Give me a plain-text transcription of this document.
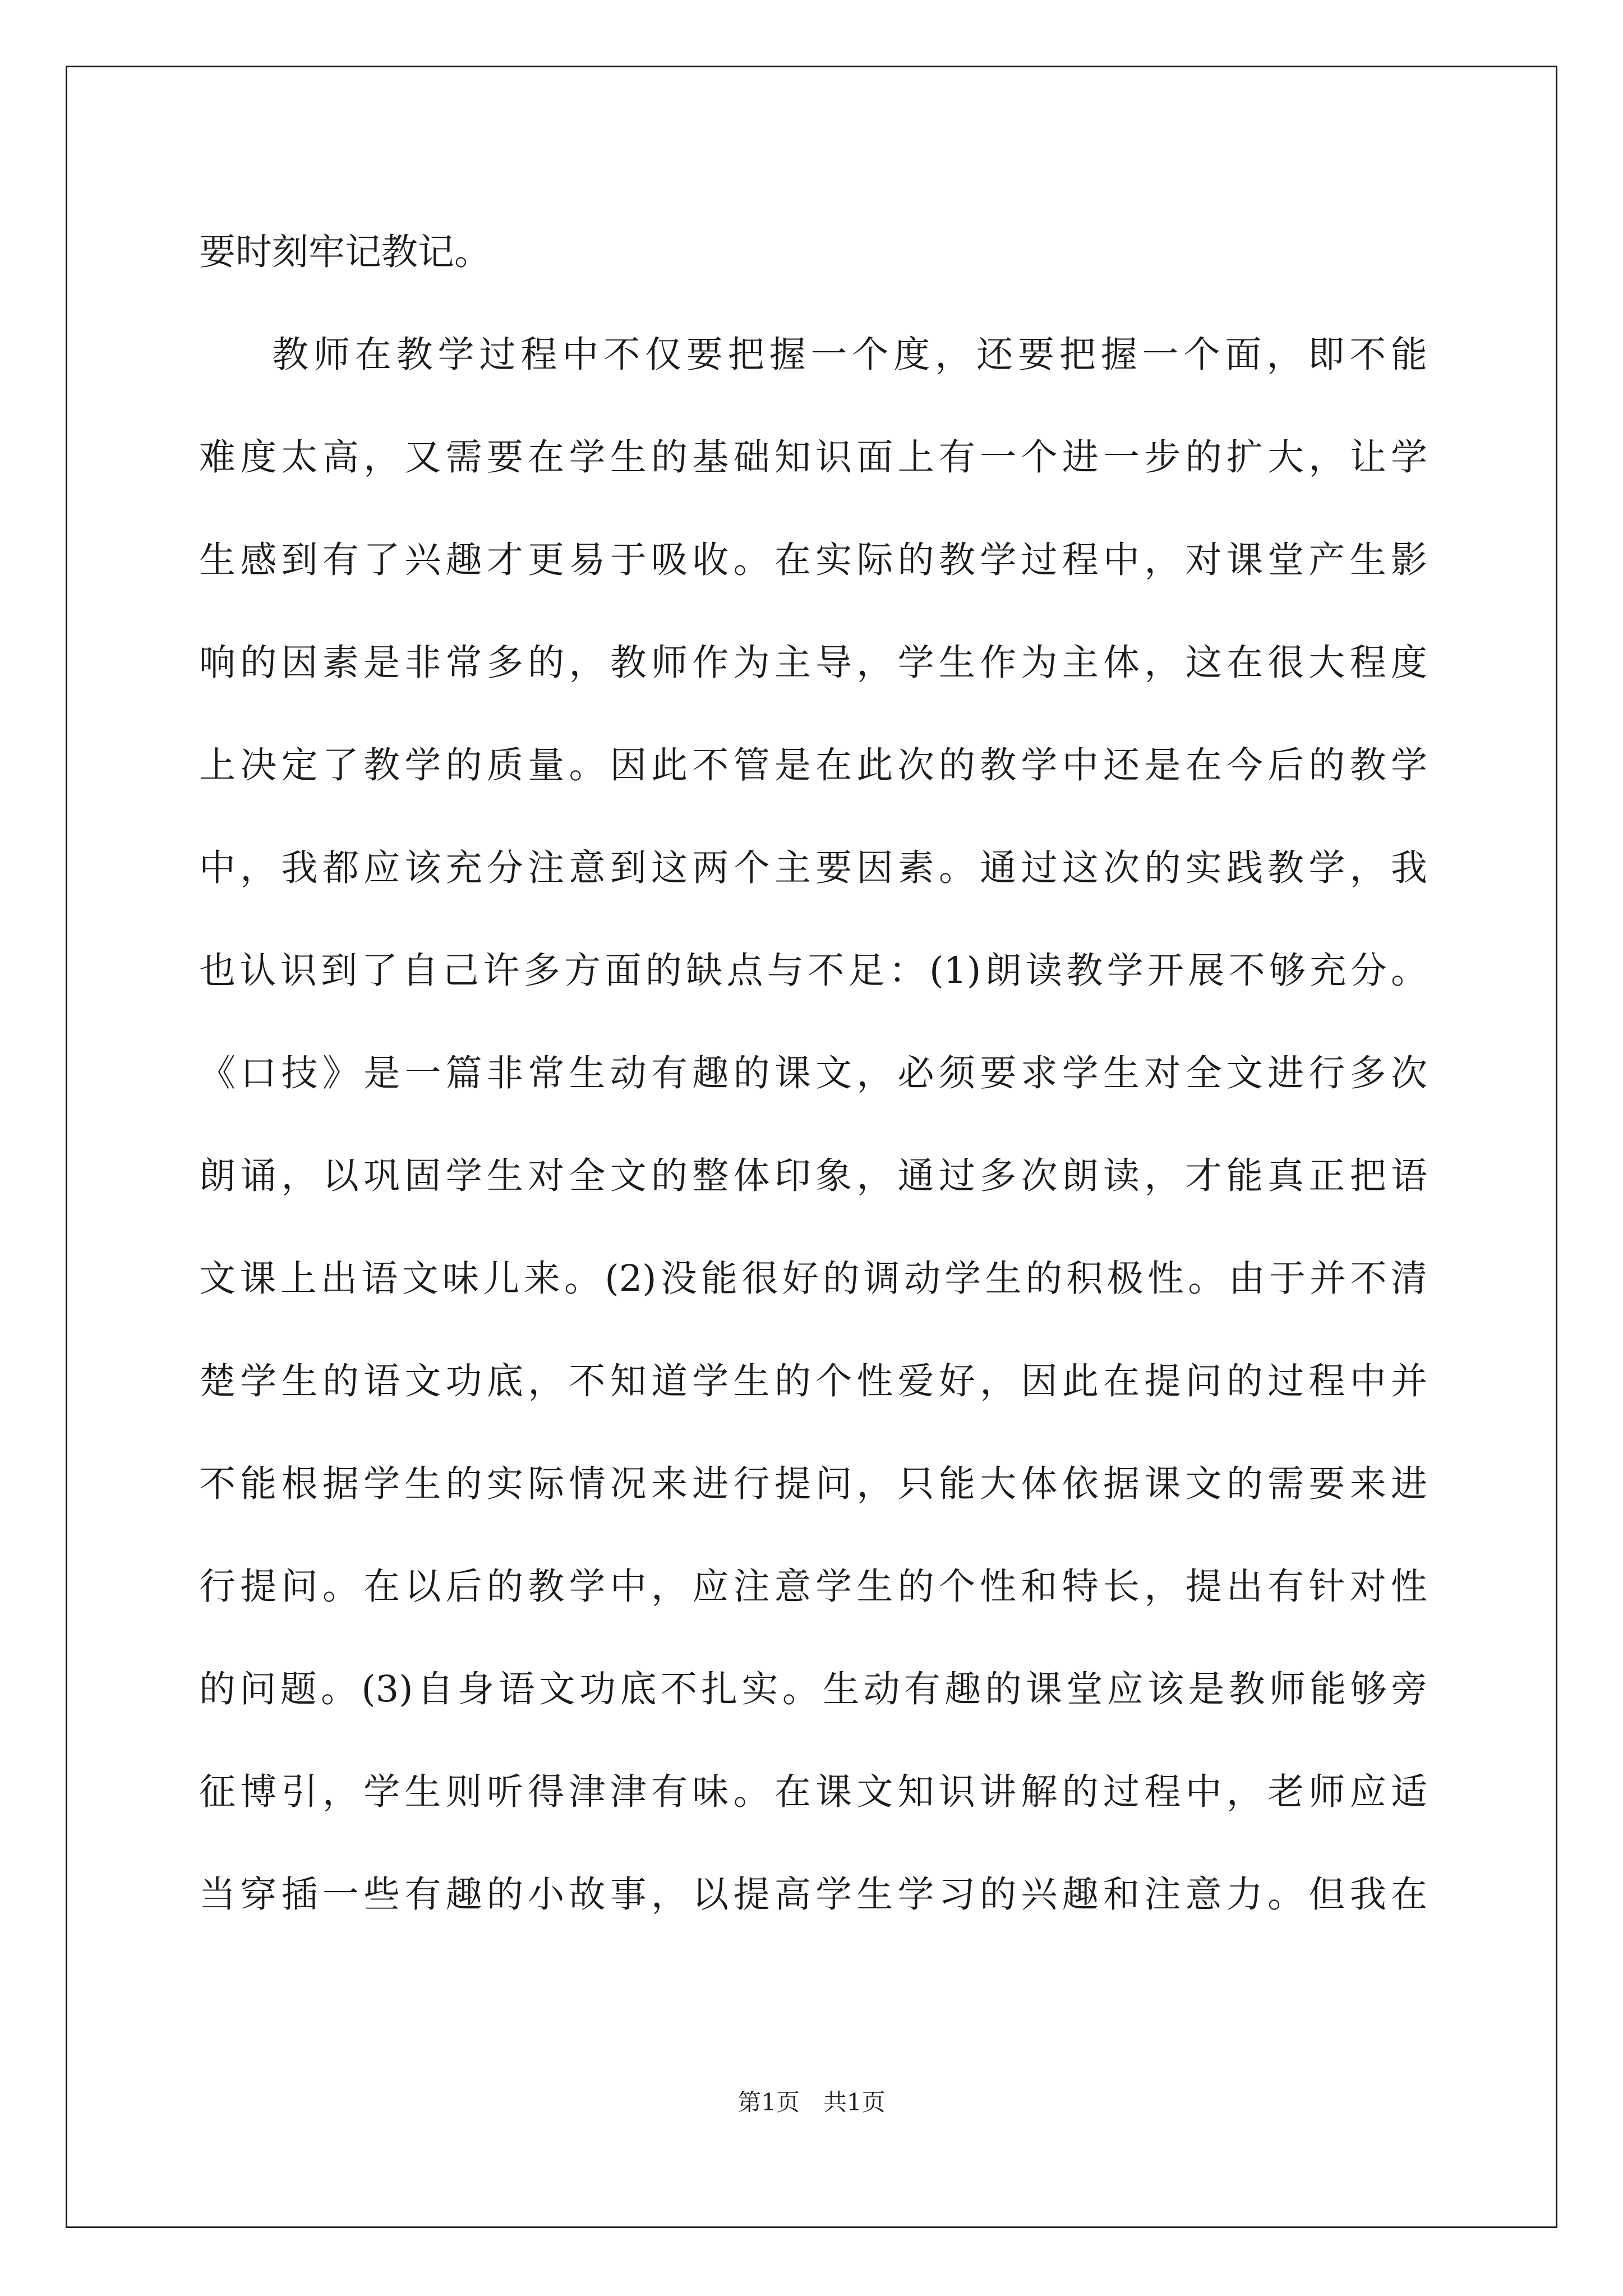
要时刻牢记教记。
教师在教学过程中不仅要把握一个度，还要把握一个面，即不能
难度太高，又需要在学生的基础知识面上有一个进一步的扩大，让学
生感到有了兴趣才更易于吸收。在实际的教学过程中，对课堂产生影
响的因素是非常多的，教师作为主导，学生作为主体，这在很大程度
上决定了教学的质量。因此不管是在此次的教学中还是在今后的教学
中，我都应该充分注意到这两个主要因素。通过这次的实践教学，我
也认识到了自己许多方面的缺点与不足：(1)朗读教学开展不够充分。
《口技》是一篇非常生动有趣的课文，必须要求学生对全文进行多次
朗诵，以巩固学生对全文的整体印象，通过多次朗读，才能真正把语
文课上出语文味儿来。(2)没能很好的调动学生的积极性。由于并不清
楚学生的语文功底，不知道学生的个性爱好，因此在提问的过程中并
不能根据学生的实际情况来进行提问，只能大体依据课文的需要来进
行提问。在以后的教学中，应注意学生的个性和特长，提出有针对性
的问题。(3)自身语文功底不扎实。生动有趣的课堂应该是教师能够旁
征博引，学生则听得津津有味。在课文知识讲解的过程中，老师应适
当穿插一些有趣的小故事，以提高学生学习的兴趣和注意力。但我在
第1页　共1页
